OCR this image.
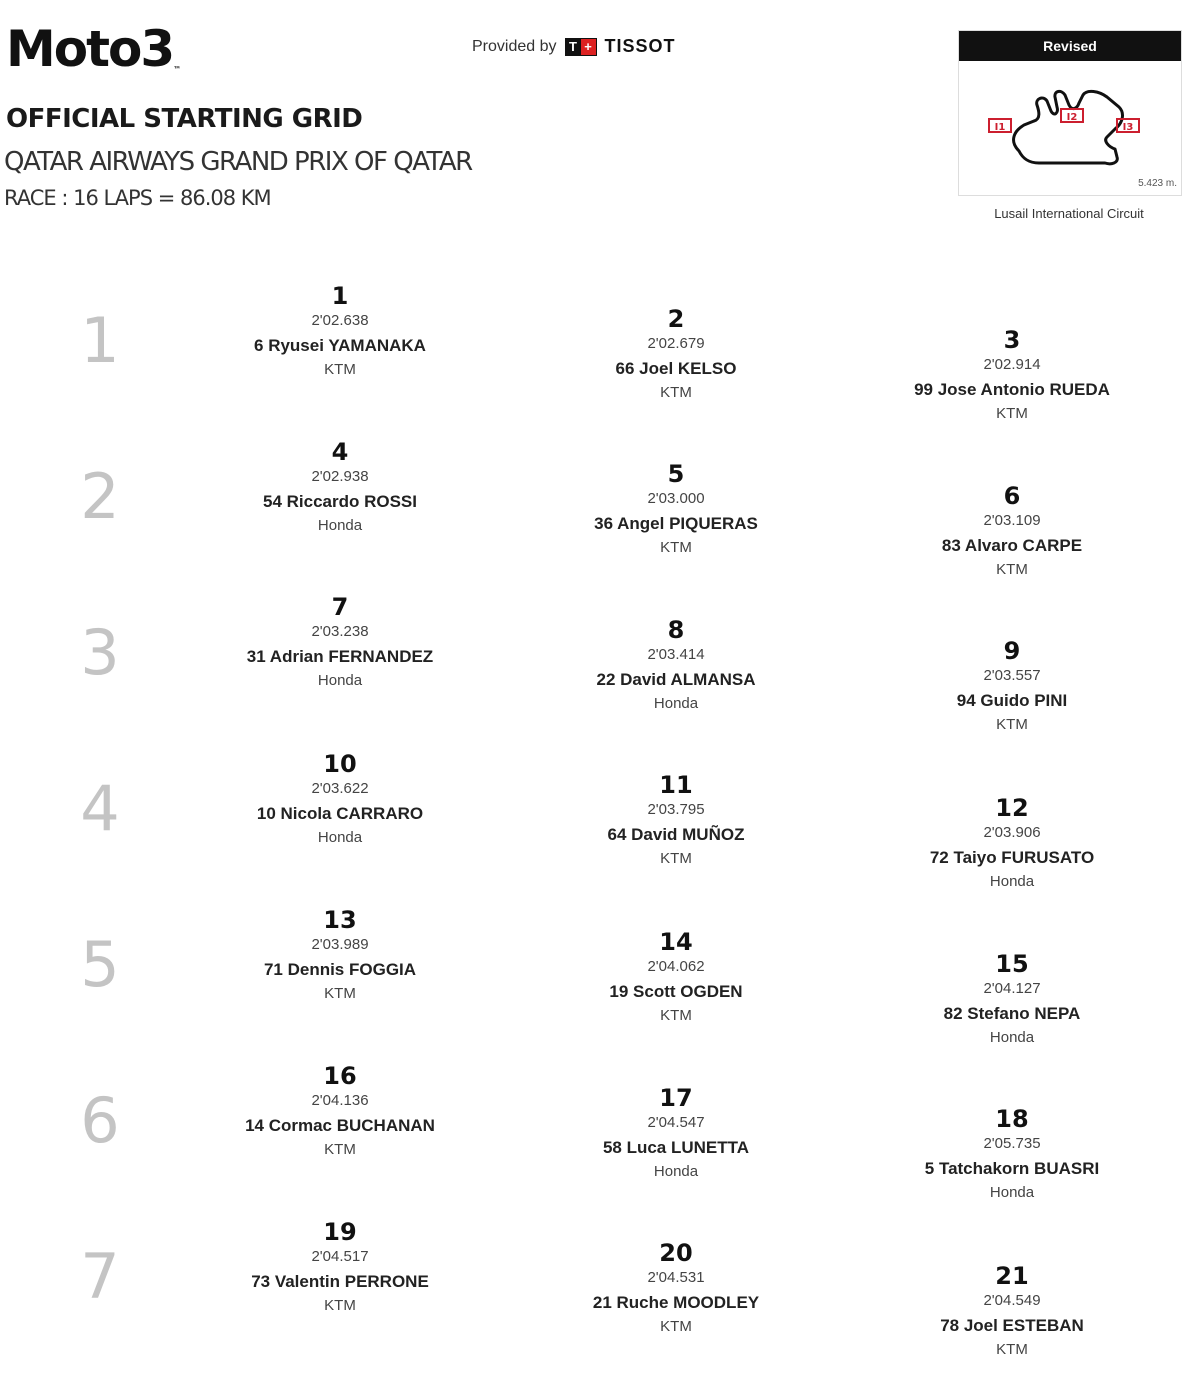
Moto3™
Provided by T + TISSOT
OFFICIAL STARTING GRID
QATAR AIRWAYS GRAND PRIX OF QATAR
RACE : 16 LAPS = 86.08 KM
Revised
I1
I2
I3
5.423 m.
Lusail International Circuit
1
2
3
4
5
6
7
1
2'02.638
6 Ryusei YAMANAKA
KTM
2
2'02.679
66 Joel KELSO
KTM
3
2'02.914
99 Jose Antonio RUEDA
KTM
4
2'02.938
54 Riccardo ROSSI
Honda
5
2'03.000
36 Angel PIQUERAS
KTM
6
2'03.109
83 Alvaro CARPE
KTM
7
2'03.238
31 Adrian FERNANDEZ
Honda
8
2'03.414
22 David ALMANSA
Honda
9
2'03.557
94 Guido PINI
KTM
10
2'03.622
10 Nicola CARRARO
Honda
11
2'03.795
64 David MUÑOZ
KTM
12
2'03.906
72 Taiyo FURUSATO
Honda
13
2'03.989
71 Dennis FOGGIA
KTM
14
2'04.062
19 Scott OGDEN
KTM
15
2'04.127
82 Stefano NEPA
Honda
16
2'04.136
14 Cormac BUCHANAN
KTM
17
2'04.547
58 Luca LUNETTA
Honda
18
2'05.735
5 Tatchakorn BUASRI
Honda
19
2'04.517
73 Valentin PERRONE
KTM
20
2'04.531
21 Ruche MOODLEY
KTM
21
2'04.549
78 Joel ESTEBAN
KTM
